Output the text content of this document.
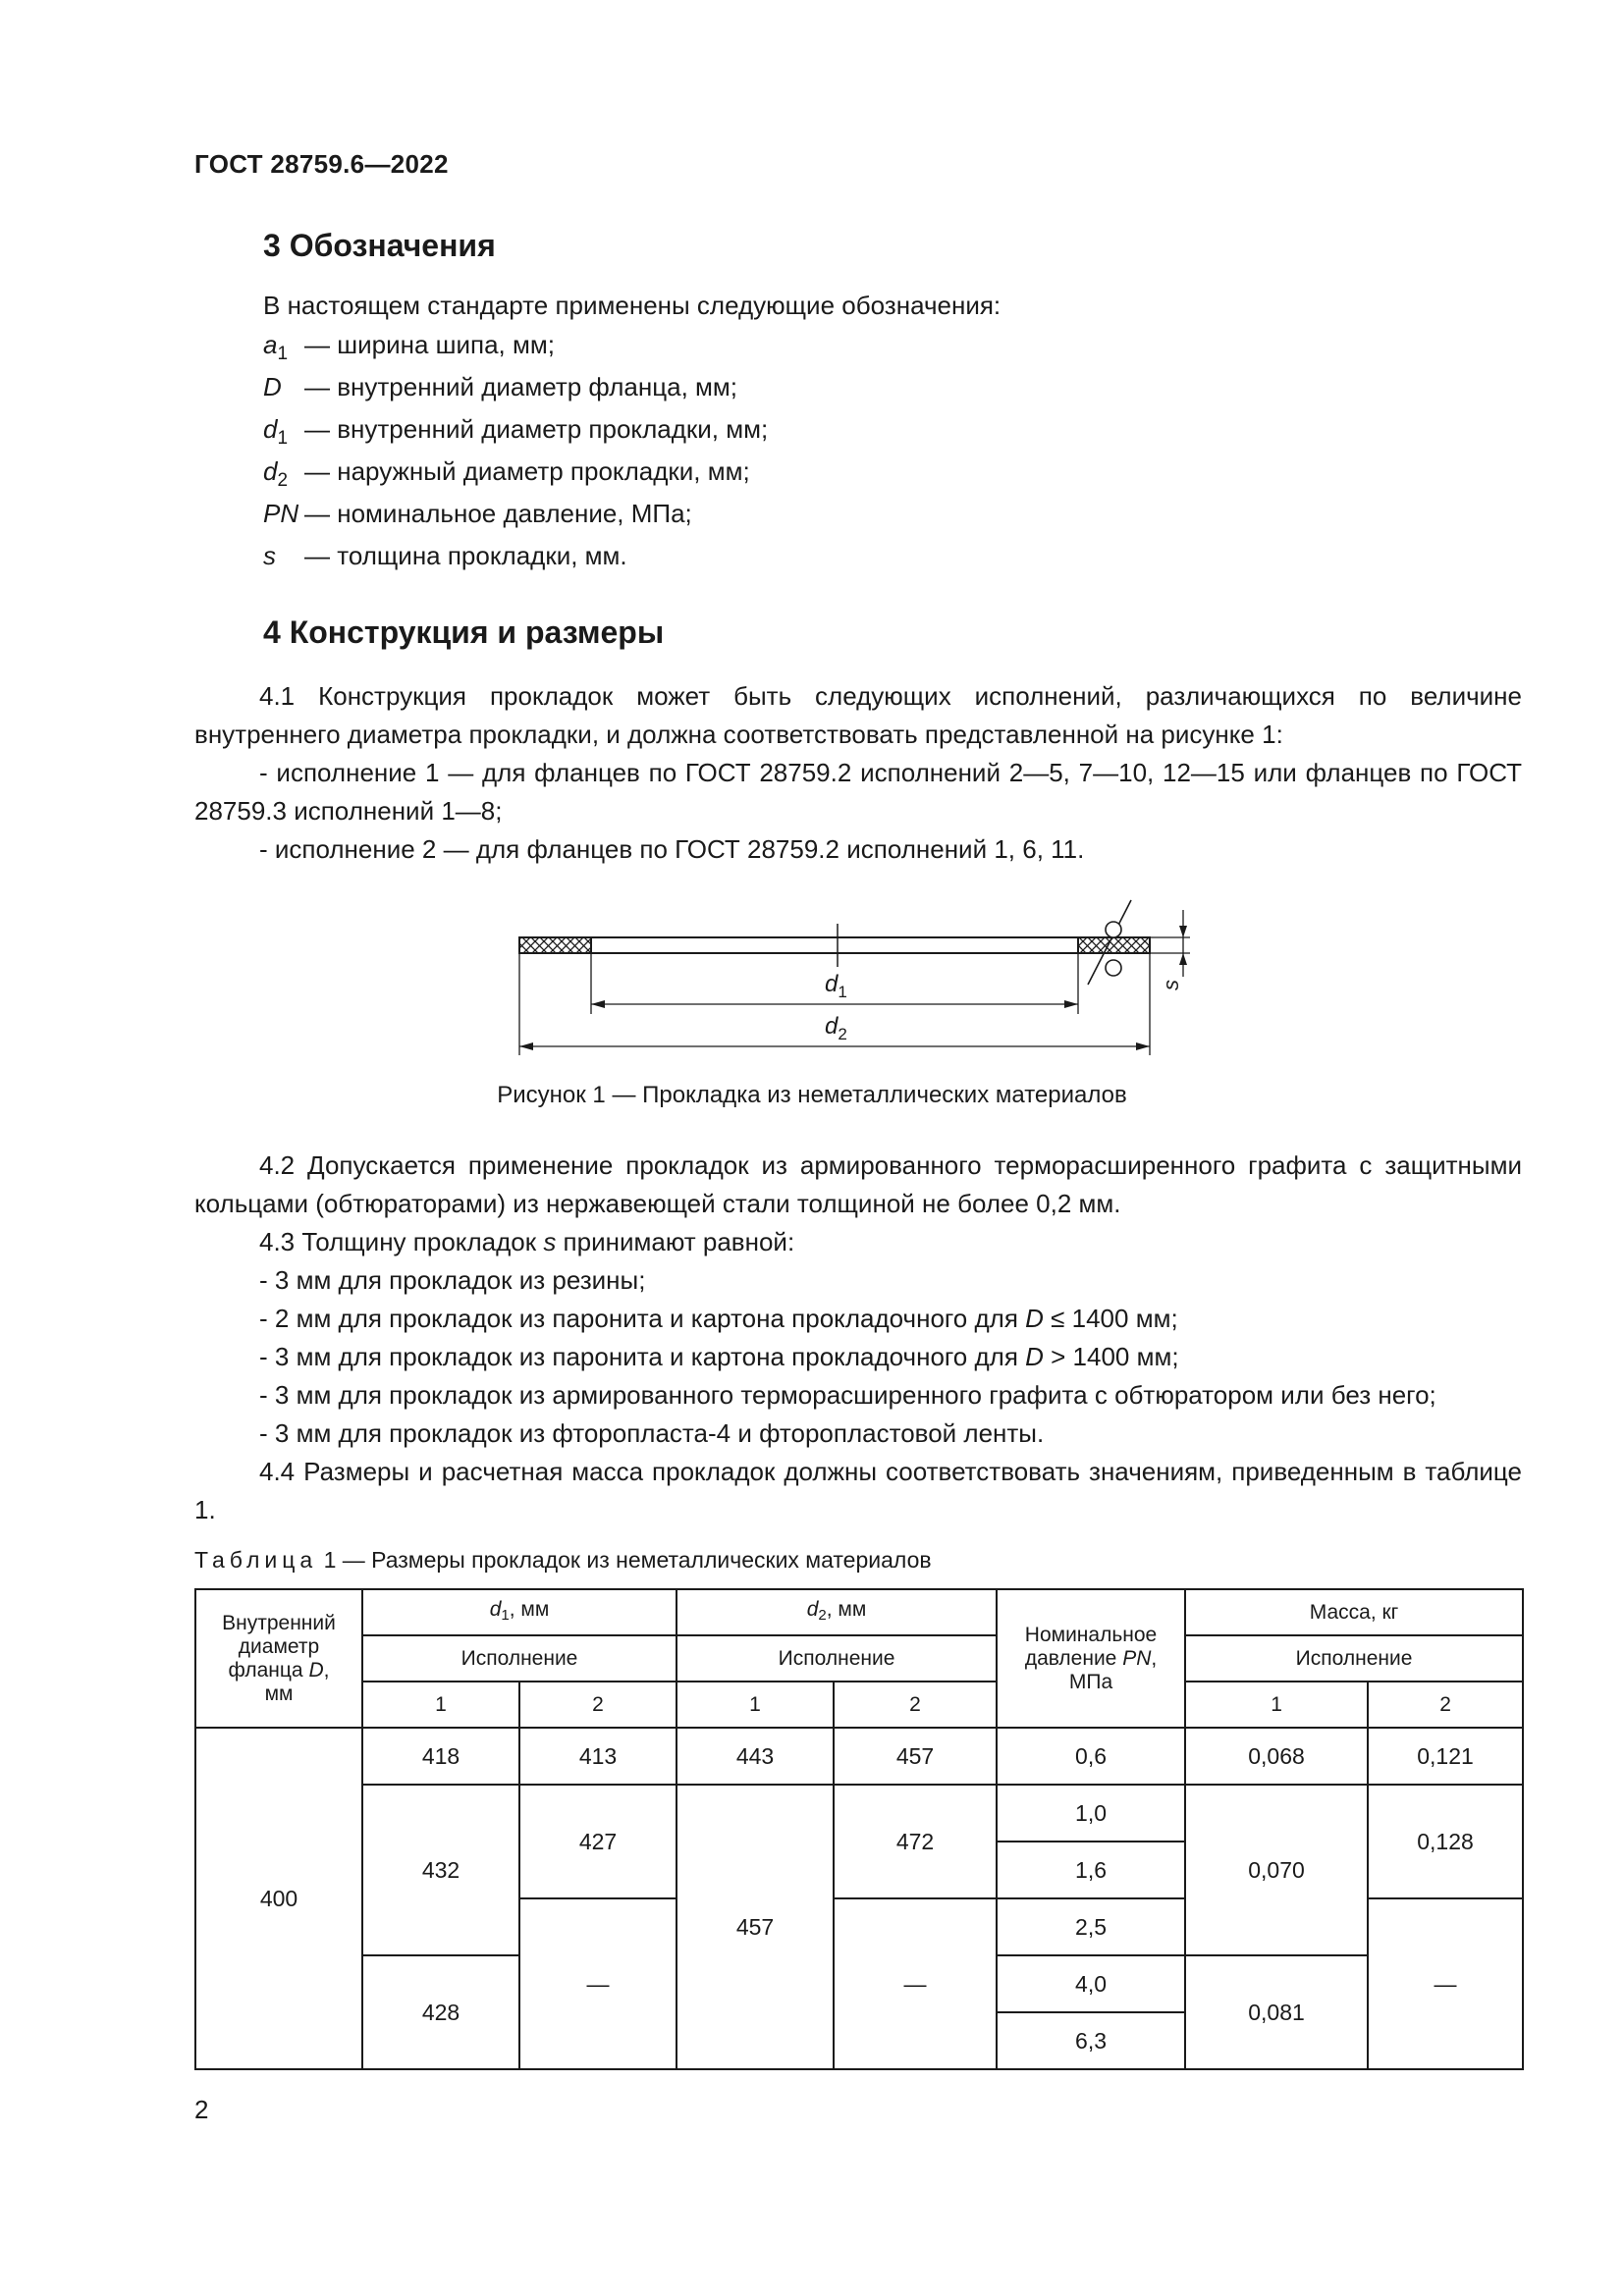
ГОСТ 28759.6—2022
3 Обозначения
В настоящем стандарте применены следующие обозначения:
$a_1$ — ширина шипа, мм;
D — внутренний диаметр фланца, мм;
$d_1$ — внутренний диаметр прокладки, мм;
$d_2$ — наружный диаметр прокладки, мм;
PN — номинальное давление, МПа;
s — толщина прокладки, мм.
4 Конструкция и размеры
4.1 Конструкция прокладок может быть следующих исполнений, различающихся по величине внутреннего диаметра прокладки, и должна соответствовать представленной на рисунке 1:
- исполнение 1 — для фланцев по ГОСТ 28759.2 исполнений 2—5, 7—10, 12—15 или фланцев по ГОСТ 28759.3 исполнений 1—8;
- исполнение 2 — для фланцев по ГОСТ 28759.2 исполнений 1, 6, 11.
s
$d_1$
$d_2$
Рисунок 1 — Прокладка из неметаллических материалов
4.2 Допускается применение прокладок из армированного терморасширенного графита с защитными кольцами (обтюраторами) из нержавеющей стали толщиной не более 0,2 мм.
4.3 Толщину прокладок s принимают равной:
- 3 мм для прокладок из резины;
- 2 мм для прокладок из паронита и картона прокладочного для D ≤ 1400 мм;
- 3 мм для прокладок из паронита и картона прокладочного для D > 1400 мм;
- 3 мм для прокладок из армированного терморасширенного графита с обтюратором или без него;
- 3 мм для прокладок из фторопласта-4 и фторопластовой ленты.
4.4 Размеры и расчетная масса прокладок должны соответствовать значениям, приведенным в таблице 1.
Таблица 1 — Размеры прокладок из неметаллических материалов
Внутренний
диаметр
фланца D,
мм	$d_1$, мм		$d_2$, мм		Номинальное
давление PN,
МПа	Масса, кг	
	Исполнение		Исполнение			Исполнение	
	1	2	1	2		1	2
400	418	413	443	457	0,6	0,068	0,121
	432	427	457	472	1,0	0,070	0,128
					1,6		
		—		—	2,5		—
	428				4,0	0,081	
					6,3		
2
